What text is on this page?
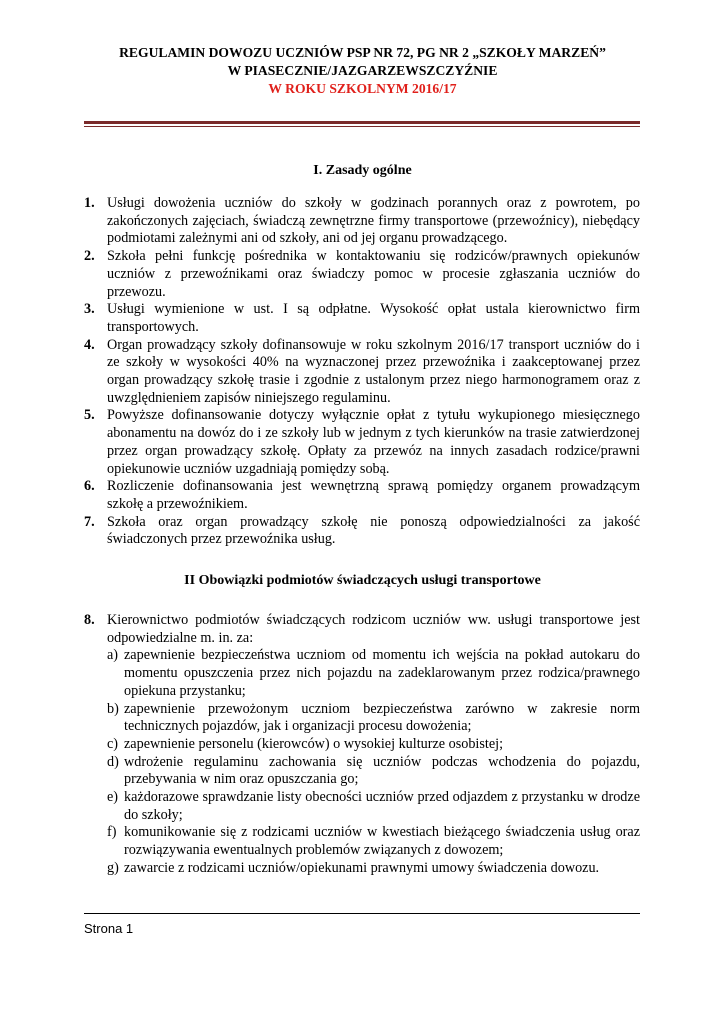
REGULAMIN DOWOZU UCZNIÓW PSP NR 72, PG NR 2 „SZKOŁY MARZEŃ”
W PIASECZNIE/JAZGARZEWSZCZYŹNIE
W ROKU SZKOLNYM 2016/17
I. Zasady ogólne
1. Usługi dowożenia uczniów do szkoły w godzinach porannych oraz z powrotem, po zakończonych zajęciach, świadczą zewnętrzne firmy transportowe (przewoźnicy), niebędący podmiotami zależnymi ani od szkoły, ani od jej organu prowadzącego.
2. Szkoła pełni funkcję pośrednika w kontaktowaniu się rodziców/prawnych opiekunów uczniów z przewoźnikami oraz świadczy pomoc w procesie zgłaszania uczniów do przewozu.
3. Usługi wymienione w ust. I są odpłatne. Wysokość opłat ustala kierownictwo firm transportowych.
4. Organ prowadzący szkoły dofinansowuje w roku szkolnym 2016/17 transport uczniów do i ze szkoły w wysokości 40% na wyznaczonej przez przewoźnika i zaakceptowanej przez organ prowadzący szkołę trasie i zgodnie z ustalonym przez niego harmonogramem oraz z uwzględnieniem zapisów niniejszego regulaminu.
5. Powyższe dofinansowanie dotyczy wyłącznie opłat z tytułu wykupionego miesięcznego abonamentu na dowóz do i ze szkoły lub w jednym z tych kierunków na trasie zatwierdzonej przez organ prowadzący szkołę. Opłaty za przewóz na innych zasadach rodzice/prawni opiekunowie uczniów uzgadniają pomiędzy sobą.
6. Rozliczenie dofinansowania jest wewnętrzną sprawą pomiędzy organem prowadzącym szkołę a przewoźnikiem.
7. Szkoła oraz organ prowadzący szkołę nie ponoszą odpowiedzialności za jakość świadczonych przez przewoźnika usług.
II Obowiązki podmiotów świadczących usługi transportowe
8. Kierownictwo podmiotów świadczących rodzicom uczniów ww. usługi transportowe jest odpowiedzialne m. in. za:
a) zapewnienie bezpieczeństwa uczniom od momentu ich wejścia na pokład autokaru do momentu opuszczenia przez nich pojazdu na zadeklarowanym przez rodzica/prawnego opiekuna przystanku;
b) zapewnienie przewożonym uczniom bezpieczeństwa zarówno w zakresie norm technicznych pojazdów, jak i organizacji procesu dowożenia;
c) zapewnienie personelu (kierowców) o wysokiej kulturze osobistej;
d) wdrożenie regulaminu zachowania się uczniów podczas wchodzenia do pojazdu, przebywania w nim oraz opuszczania go;
e) każdorazowe sprawdzanie listy obecności uczniów przed odjazdem z przystanku w drodze do szkoły;
f) komunikowanie się z rodzicami uczniów w kwestiach bieżącego świadczenia usług oraz rozwiązywania ewentualnych problemów związanych z dowozem;
g) zawarcie z rodzicami uczniów/opiekunami prawnymi umowy świadczenia dowozu.
Strona 1
